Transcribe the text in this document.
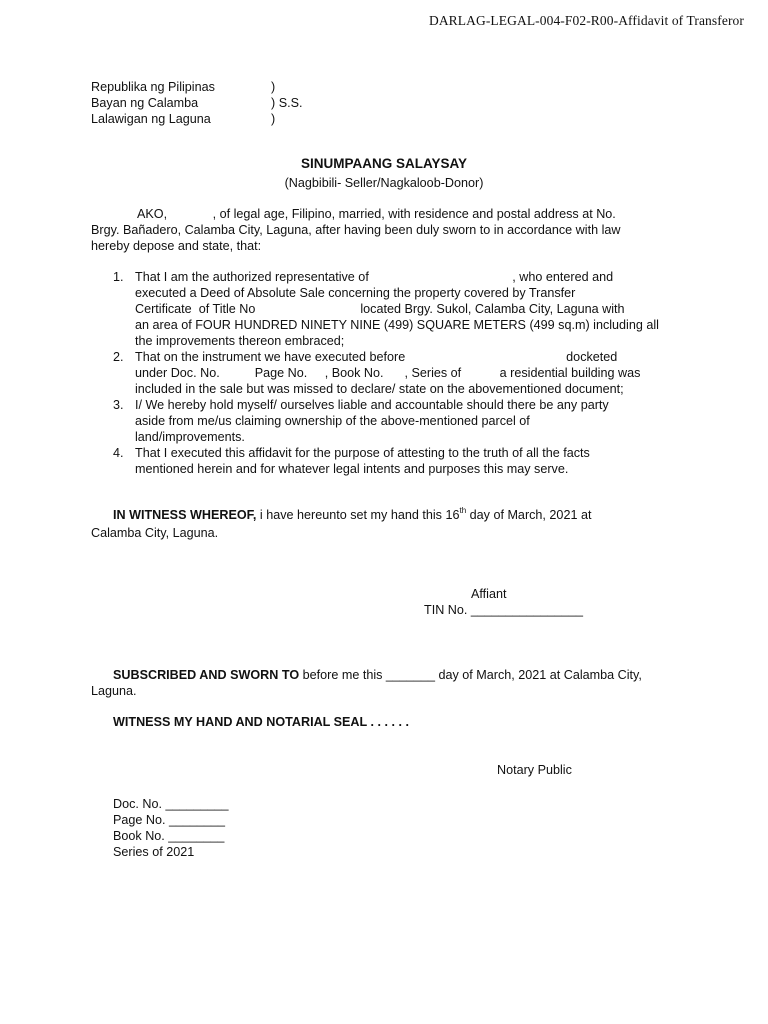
DARLAG-LEGAL-004-F02-R00-Affidavit of Transferor
Republika ng Pilipinas	)
Bayan ng Calamba	) S.S.
Lalawigan ng Laguna	)
SINUMPAANG SALAYSAY
(Nagbibili- Seller/Nagkaloob-Donor)
AKO,             , of legal age, Filipino, married, with residence and postal address at No.
Brgy. Bañadero, Calamba City, Laguna, after having been duly sworn to in accordance with law
hereby depose and state, that:
1. That I am the authorized representative of                                         , who entered and
executed a Deed of Absolute Sale concerning the property covered by Transfer
Certificate  of Title No                              located Brgy. Sukol, Calamba City, Laguna with
an area of FOUR HUNDRED NINETY NINE (499) SQUARE METERS (499 sq.m) including all
the improvements thereon embraced;
2. That on the instrument we have executed before                                              docketed
under Doc. No.          Page No.     , Book No.      , Series of           a residential building was
included in the sale but was missed to declare/ state on the abovementioned document;
3. I/ We hereby hold myself/ ourselves liable and accountable should there be any party
aside from me/us claiming ownership of the above-mentioned parcel of
land/improvements.
4. That I executed this affidavit for the purpose of attesting to the truth of all the facts
mentioned herein and for whatever legal intents and purposes this may serve.
IN WITNESS WHEREOF, i have hereunto set my hand this 16th day of March, 2021 at
Calamba City, Laguna.
Affiant
TIN No. ________________
SUBSCRIBED AND SWORN TO before me this _______ day of March, 2021 at Calamba City,
Laguna.
WITNESS MY HAND AND NOTARIAL SEAL . . . . . .
Notary Public
Doc. No. _________
Page No. ________
Book No. ________
Series of 2021
